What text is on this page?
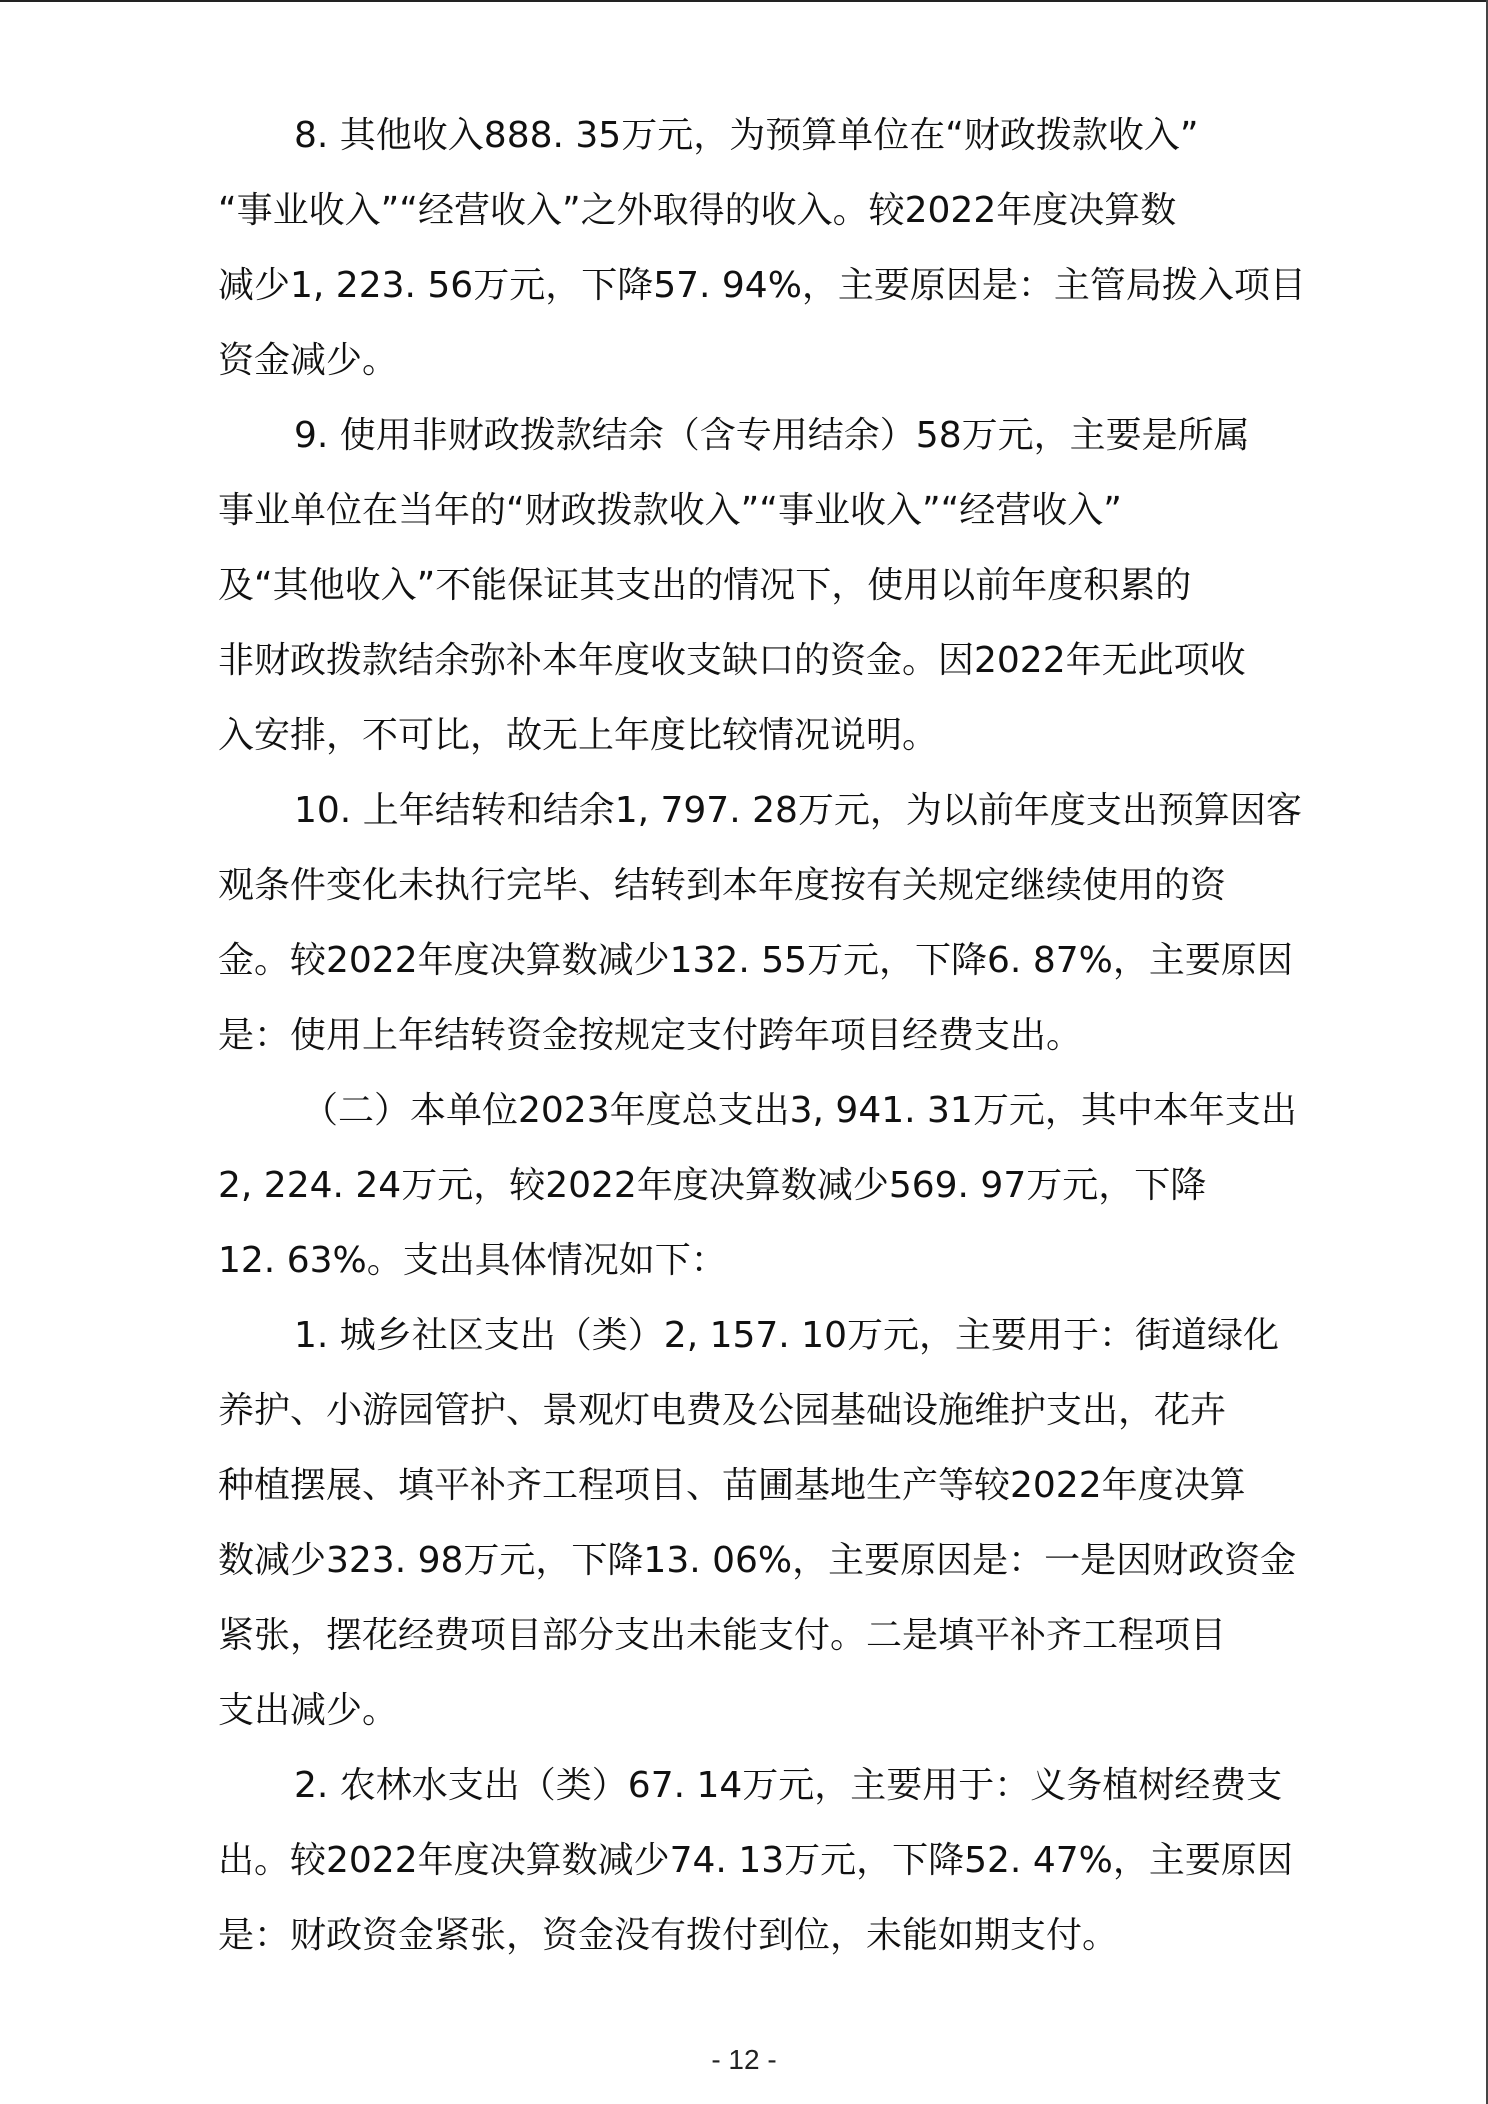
8. 其他收入888. 35万元，为预算单位在“财政拨款收入”
“事业收入”“经营收入”之外取得的收入。较2022年度决算数
减少1, 223. 56万元，下降57. 94%，主要原因是：主管局拨入项目
资金减少。
9. 使用非财政拨款结余（含专用结余）58万元，主要是所属
事业单位在当年的“财政拨款收入”“事业收入”“经营收入”
及“其他收入”不能保证其支出的情况下，使用以前年度积累的
非财政拨款结余弥补本年度收支缺口的资金。因2022年无此项收
入安排，不可比，故无上年度比较情况说明。
10. 上年结转和结余1, 797. 28万元，为以前年度支出预算因客
观条件变化未执行完毕、结转到本年度按有关规定继续使用的资
金。较2022年度决算数减少132. 55万元，下降6. 87%，主要原因
是：使用上年结转资金按规定支付跨年项目经费支出。
（二）本单位2023年度总支出3, 941. 31万元，其中本年支出
2, 224. 24万元，较2022年度决算数减少569. 97万元，下降
12. 63%。支出具体情况如下：
1. 城乡社区支出（类）2, 157. 10万元，主要用于：街道绿化
养护、小游园管护、景观灯电费及公园基础设施维护支出，花卉
种植摆展、填平补齐工程项目、苗圃基地生产等较2022年度决算
数减少323. 98万元，下降13. 06%，主要原因是：一是因财政资金
紧张，摆花经费项目部分支出未能支付。二是填平补齐工程项目
支出减少。
2. 农林水支出（类）67. 14万元，主要用于：义务植树经费支
出。较2022年度决算数减少74. 13万元，下降52. 47%，主要原因
是：财政资金紧张，资金没有拨付到位，未能如期支付。
- 12 -
